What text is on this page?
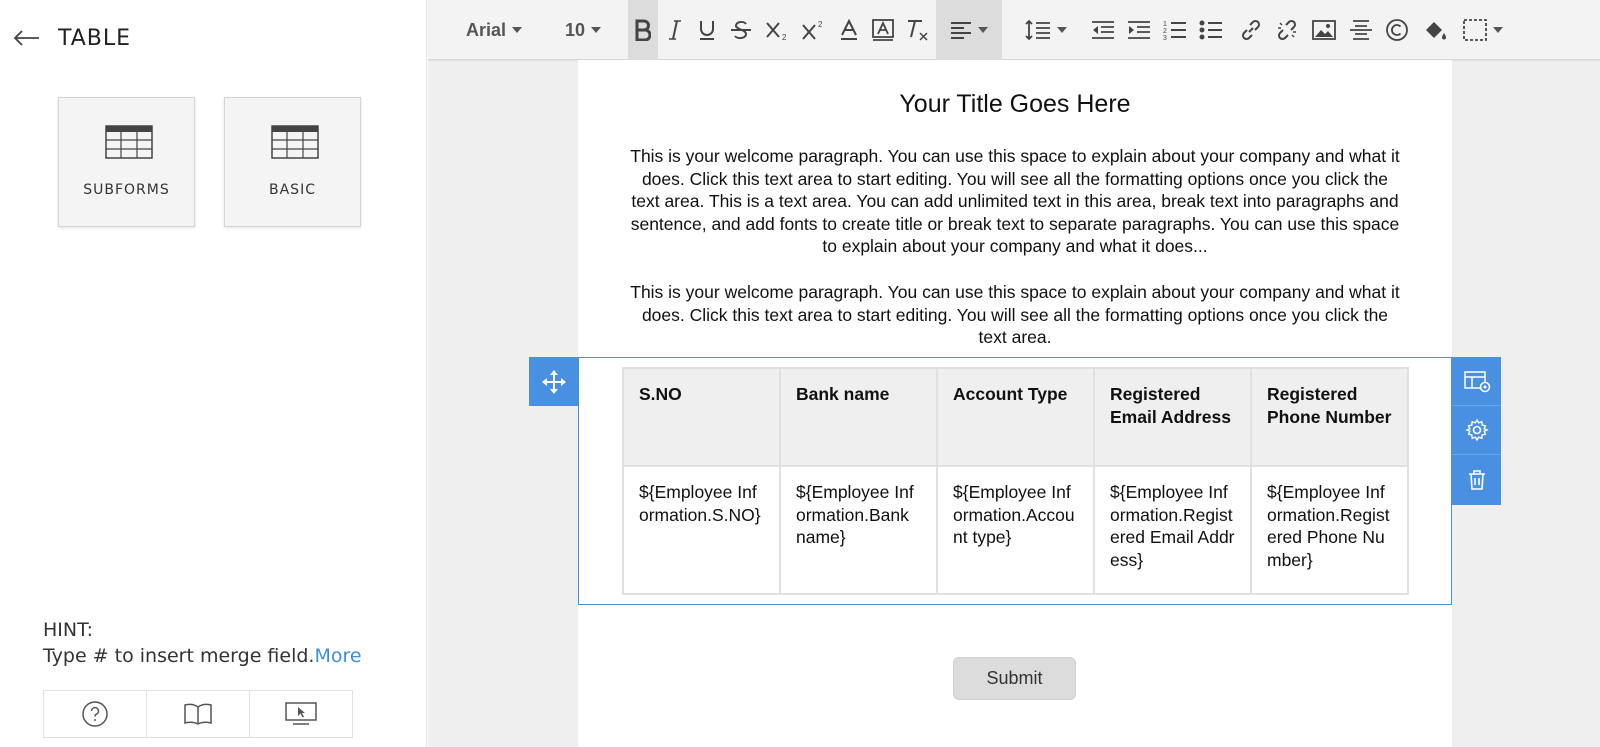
TABLE
SUBFORMS	BASIC
HINT:
Type # to insert merge field.More
Arial	10	2
2	1
2
3
Your Title Goes Here
This is your welcome paragraph. You can use this space to explain about your company and what it does. Click this text area to start editing. You will see all the formatting options once you click the text area. This is a text area. You can add unlimited text in this area, break text into paragraphs and sentence, and add fonts to create title or break text to separate paragraphs. You can use this space to explain about your company and what it does...
This is your welcome paragraph. You can use this space to explain about your company and what it does. Click this text area to start editing. You will see all the formatting options once you click the text area.
S.NO	Bank name	Account Type	Registered Email Address	Registered Phone Number
${Employee Information.S.NO}	${Employee Information.Bank name}	${Employee Information.Account type}	${Employee Information.Registered Email Address}	${Employee Information.Registered Phone Number}
Submit
